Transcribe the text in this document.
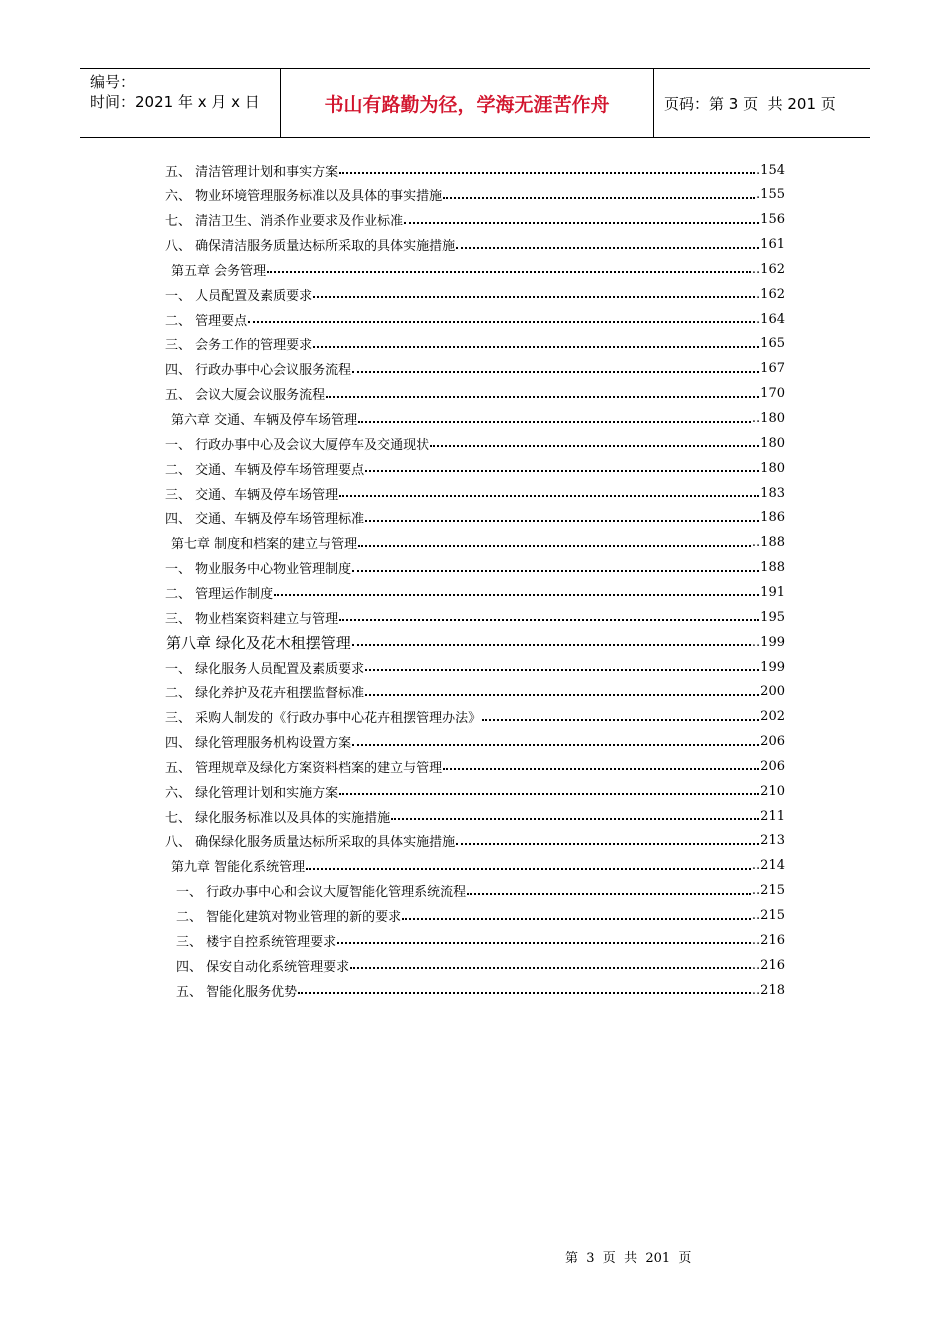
编号：
时间：2021 年 x 月 x 日	书山有路勤为径，学海无涯苦作舟	页码：第 3 页  共 201 页
五、 清洁管理计划和事实方案	.154
六、 物业环境管理服务标准以及具体的事实措施	.155
七、 清洁卫生、消杀作业要求及作业标准	156
八、 确保清洁服务质量达标所采取的具体实施措施	161
第五章 会务管理	..162
一、 人员配置及素质要求	.162
二、 管理要点	.164
三、 会务工作的管理要求	165
四、 行政办事中心会议服务流程	167
五、 会议大厦会议服务流程	170
第六章 交通、车辆及停车场管理	..180
一、 行政办事中心及会议大厦停车及交通现状	180
二、 交通、车辆及停车场管理要点	180
三、 交通、车辆及停车场管理	183
四、 交通、车辆及停车场管理标准	186
第七章 制度和档案的建立与管理	..188
一、 物业服务中心物业管理制度	188
二、 管理运作制度	191
三、 物业档案资料建立与管理	195
第八章 绿化及花木租摆管理	..199
一、 绿化服务人员配置及素质要求	199
二、 绿化养护及花卉租摆监督标准	200
三、 采购人制发的《行政办事中心花卉租摆管理办法》	202
四、 绿化管理服务机构设置方案	206
五、 管理规章及绿化方案资料档案的建立与管理	206
六、 绿化管理计划和实施方案	210
七、 绿化服务标准以及具体的实施措施	211
八、 确保绿化服务质量达标所采取的具体实施措施	213
第九章 智能化系统管理	..214
一、 行政办事中心和会议大厦智能化管理系统流程	..215
二、 智能化建筑对物业管理的新的要求	..215
三、 楼宇自控系统管理要求	..216
四、 保安自动化系统管理要求	..216
五、 智能化服务优势	..218
第  3  页  共  201  页
